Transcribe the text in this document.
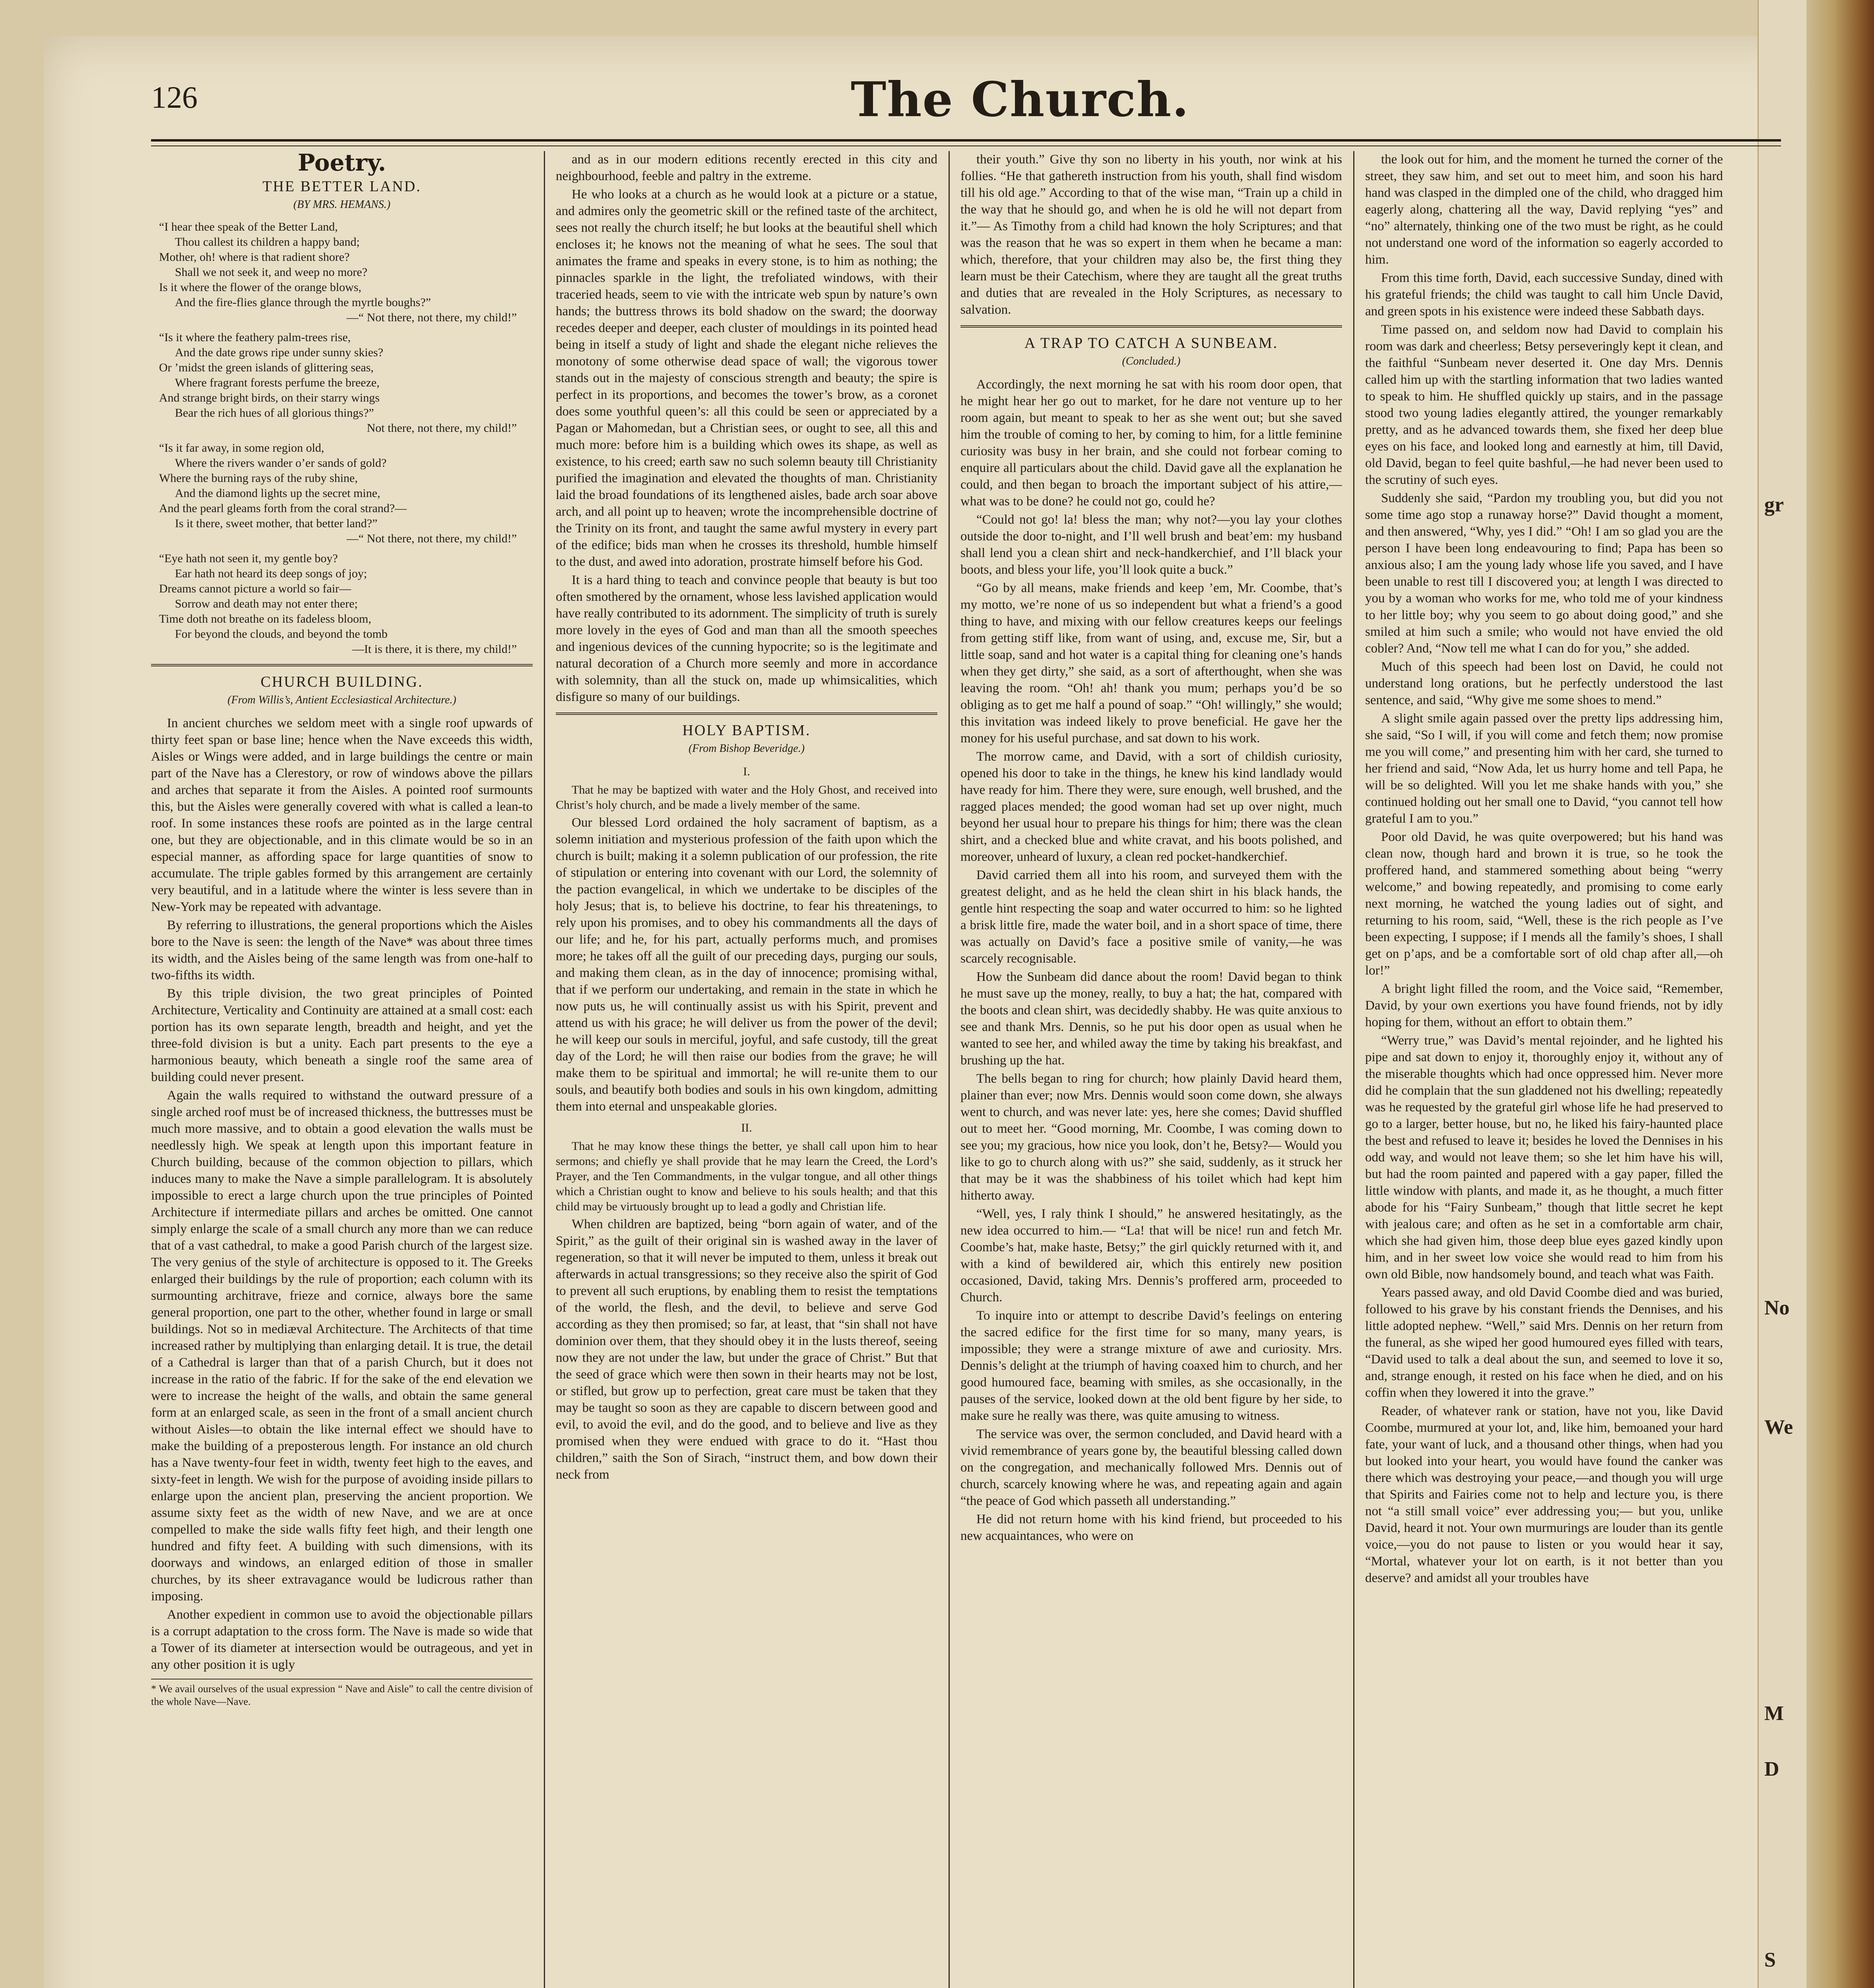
gr
No
We
M
D
S
126	The Church.
Poetry.
THE BETTER LAND.
(BY MRS. HEMANS.)
“I hear thee speak of the Better Land,
Thou callest its children a happy band;
Mother, oh! where is that radient shore?
Shall we not seek it, and weep no more?
Is it where the flower of the orange blows,
And the fire-flies glance through the myrtle boughs?”
—“ Not there, not there, my child!”
“Is it where the feathery palm-trees rise,
And the date grows ripe under sunny skies?
Or ’midst the green islands of glittering seas,
Where fragrant forests perfume the breeze,
And strange bright birds, on their starry wings
Bear the rich hues of all glorious things?”
Not there, not there, my child!”
“Is it far away, in some region old,
Where the rivers wander o’er sands of gold?
Where the burning rays of the ruby shine,
And the diamond lights up the secret mine,
And the pearl gleams forth from the coral strand?—
Is it there, sweet mother, that better land?”
—“ Not there, not there, my child!”
“Eye hath not seen it, my gentle boy?
Ear hath not heard its deep songs of joy;
Dreams cannot picture a world so fair—
Sorrow and death may not enter there;
Time doth not breathe on its fadeless bloom,
For beyond the clouds, and beyond the tomb
—It is there, it is there, my child!”
CHURCH BUILDING.
(From Willis’s, Antient Ecclesiastical Architecture.)

In ancient churches we seldom meet with a single roof upwards of thirty feet span or base line; hence when the Nave exceeds this width, Aisles or Wings were added, and in large buildings the centre or main part of the Nave has a Clerestory, or row of windows above the pillars and arches that separate it from the Aisles. A pointed roof surmounts this, but the Aisles were generally covered with what is called a lean-to roof. In some instances these roofs are pointed as in the large central one, but they are objectionable, and in this climate would be so in an especial manner, as affording space for large quantities of snow to accumulate. The triple gables formed by this arrangement are certainly very beautiful, and in a latitude where the winter is less severe than in New-York may be repeated with advantage.

By referring to illustrations, the general proportions which the Aisles bore to the Nave is seen: the length of the Nave* was about three times its width, and the Aisles being of the same length was from one-half to two-fifths its width.

By this triple division, the two great principles of Pointed Architecture, Verticality and Continuity are attained at a small cost: each portion has its own separate length, breadth and height, and yet the three-fold division is but a unity. Each part presents to the eye a harmonious beauty, which beneath a single roof the same area of building could never present.

Again the walls required to withstand the outward pressure of a single arched roof must be of increased thickness, the buttresses must be much more massive, and to obtain a good elevation the walls must be needlessly high. We speak at length upon this important feature in Church building, because of the common objection to pillars, which induces many to make the Nave a simple parallelogram. It is absolutely impossible to erect a large church upon the true principles of Pointed Architecture if intermediate pillars and arches be omitted. One cannot simply enlarge the scale of a small church any more than we can reduce that of a vast cathedral, to make a good Parish church of the largest size. The very genius of the style of architecture is opposed to it. The Greeks enlarged their buildings by the rule of proportion; each column with its surmounting architrave, frieze and cornice, always bore the same general proportion, one part to the other, whether found in large or small buildings. Not so in mediæval Architecture. The Architects of that time increased rather by multiplying than enlarging detail. It is true, the detail of a Cathedral is larger than that of a parish Church, but it does not increase in the ratio of the fabric. If for the sake of the end elevation we were to increase the height of the walls, and obtain the same general form at an enlarged scale, as seen in the front of a small ancient church without Aisles—to obtain the like internal effect we should have to make the building of a preposterous length. For instance an old church has a Nave twenty-four feet in width, twenty feet high to the eaves, and sixty-feet in length. We wish for the purpose of avoiding inside pillars to enlarge upon the ancient plan, preserving the ancient proportion. We assume sixty feet as the width of new Nave, and we are at once compelled to make the side walls fifty feet high, and their length one hundred and fifty feet. A building with such dimensions, with its doorways and windows, an enlarged edition of those in smaller churches, by its sheer extravagance would be ludicrous rather than imposing.

Another expedient in common use to avoid the objectionable pillars is a corrupt adaptation to the cross form. The Nave is made so wide that a Tower of its diameter at intersection would be outrageous, and yet in any other position it is ugly

* We avail ourselves of the usual expression “ Nave and Aisle” to call the centre division of the whole Nave—Nave.

and as in our modern editions recently erected in this city and neighbourhood, feeble and paltry in the extreme.

He who looks at a church as he would look at a picture or a statue, and admires only the geometric skill or the refined taste of the architect, sees not really the church itself; he but looks at the beautiful shell which encloses it; he knows not the meaning of what he sees. The soul that animates the frame and speaks in every stone, is to him as nothing; the pinnacles sparkle in the light, the trefoliated windows, with their traceried heads, seem to vie with the intricate web spun by nature’s own hands; the buttress throws its bold shadow on the sward; the doorway recedes deeper and deeper, each cluster of mouldings in its pointed head being in itself a study of light and shade the elegant niche relieves the monotony of some otherwise dead space of wall; the vigorous tower stands out in the majesty of conscious strength and beauty; the spire is perfect in its proportions, and becomes the tower’s brow, as a coronet does some youthful queen’s: all this could be seen or appreciated by a Pagan or Mahomedan, but a Christian sees, or ought to see, all this and much more: before him is a building which owes its shape, as well as existence, to his creed; earth saw no such solemn beauty till Christianity purified the imagination and elevated the thoughts of man. Christianity laid the broad foundations of its lengthened aisles, bade arch soar above arch, and all point up to heaven; wrote the incomprehensible doctrine of the Trinity on its front, and taught the same awful mystery in every part of the edifice; bids man when he crosses its threshold, humble himself to the dust, and awed into adoration, prostrate himself before his God.

It is a hard thing to teach and convince people that beauty is but too often smothered by the ornament, whose less lavished application would have really contributed to its adornment. The simplicity of truth is surely more lovely in the eyes of God and man than all the smooth speeches and ingenious devices of the cunning hypocrite; so is the legitimate and natural decoration of a Church more seemly and more in accordance with solemnity, than all the stuck on, made up whimsicalities, which disfigure so many of our buildings.

HOLY BAPTISM.
(From Bishop Beveridge.)
I.

That he may be baptized with water and the Holy Ghost, and received into Christ’s holy church, and be made a lively member of the same.

Our blessed Lord ordained the holy sacrament of baptism, as a solemn initiation and mysterious profession of the faith upon which the church is built; making it a solemn publication of our profession, the rite of stipulation or entering into covenant with our Lord, the solemnity of the paction evangelical, in which we undertake to be disciples of the holy Jesus; that is, to believe his doctrine, to fear his threatenings, to rely upon his promises, and to obey his commandments all the days of our life; and he, for his part, actually performs much, and promises more; he takes off all the guilt of our preceding days, purging our souls, and making them clean, as in the day of innocence; promising withal, that if we perform our undertaking, and remain in the state in which he now puts us, he will continually assist us with his Spirit, prevent and attend us with his grace; he will deliver us from the power of the devil; he will keep our souls in merciful, joyful, and safe custody, till the great day of the Lord; he will then raise our bodies from the grave; he will make them to be spiritual and immortal; he will re-unite them to our souls, and beautify both bodies and souls in his own kingdom, admitting them into eternal and unspeakable glories.

II.

That he may know these things the better, ye shall call upon him to hear sermons; and chiefly ye shall provide that he may learn the Creed, the Lord’s Prayer, and the Ten Commandments, in the vulgar tongue, and all other things which a Christian ought to know and believe to his souls health; and that this child may be virtuously brought up to lead a godly and Christian life.

When children are baptized, being “born again of water, and of the Spirit,” as the guilt of their original sin is washed away in the laver of regeneration, so that it will never be imputed to them, unless it break out afterwards in actual transgressions; so they receive also the spirit of God to prevent all such eruptions, by enabling them to resist the temptations of the world, the flesh, and the devil, to believe and serve God according as they then promised; so far, at least, that “sin shall not have dominion over them, that they should obey it in the lusts thereof, seeing now they are not under the law, but under the grace of Christ.” But that the seed of grace which were then sown in their hearts may not be lost, or stifled, but grow up to perfection, great care must be taken that they may be taught so soon as they are capable to discern between good and evil, to avoid the evil, and do the good, and to believe and live as they promised when they were endued with grace to do it. “Hast thou children,” saith the Son of Sirach, “instruct them, and bow down their neck from

their youth.” Give thy son no liberty in his youth, nor wink at his follies. “He that gathereth instruction from his youth, shall find wisdom till his old age.” According to that of the wise man, “Train up a child in the way that he should go, and when he is old he will not depart from it.”— As Timothy from a child had known the holy Scriptures; and that was the reason that he was so expert in them when he became a man: which, therefore, that your children may also be, the first thing they learn must be their Catechism, where they are taught all the great truths and duties that are revealed in the Holy Scriptures, as necessary to salvation.

A TRAP TO CATCH A SUNBEAM.
(Concluded.)

Accordingly, the next morning he sat with his room door open, that he might hear her go out to market, for he dare not venture up to her room again, but meant to speak to her as she went out; but she saved him the trouble of coming to her, by coming to him, for a little feminine curiosity was busy in her brain, and she could not forbear coming to enquire all particulars about the child. David gave all the explanation he could, and then began to broach the important subject of his attire,—what was to be done? he could not go, could he?

“Could not go! la! bless the man; why not?—you lay your clothes outside the door to-night, and I’ll well brush and beat’em: my husband shall lend you a clean shirt and neck-handkerchief, and I’ll black your boots, and bless your life, you’ll look quite a buck.”

“Go by all means, make friends and keep ’em, Mr. Coombe, that’s my motto, we’re none of us so independent but what a friend’s a good thing to have, and mixing with our fellow creatures keeps our feelings from getting stiff like, from want of using, and, excuse me, Sir, but a little soap, sand and hot water is a capital thing for cleaning one’s hands when they get dirty,” she said, as a sort of afterthought, when she was leaving the room. “Oh! ah! thank you mum; perhaps you’d be so obliging as to get me half a pound of soap.” “Oh! willingly,” she would; this invitation was indeed likely to prove beneficial. He gave her the money for his useful purchase, and sat down to his work.

The morrow came, and David, with a sort of childish curiosity, opened his door to take in the things, he knew his kind landlady would have ready for him. There they were, sure enough, well brushed, and the ragged places mended; the good woman had set up over night, much beyond her usual hour to prepare his things for him; there was the clean shirt, and a checked blue and white cravat, and his boots polished, and moreover, unheard of luxury, a clean red pocket-handkerchief.

David carried them all into his room, and surveyed them with the greatest delight, and as he held the clean shirt in his black hands, the gentle hint respecting the soap and water occurred to him: so he lighted a brisk little fire, made the water boil, and in a short space of time, there was actually on David’s face a positive smile of vanity,—he was scarcely recognisable.

How the Sunbeam did dance about the room! David began to think he must save up the money, really, to buy a hat; the hat, compared with the boots and clean shirt, was decidedly shabby. He was quite anxious to see and thank Mrs. Dennis, so he put his door open as usual when he wanted to see her, and whiled away the time by taking his breakfast, and brushing up the hat.

The bells began to ring for church; how plainly David heard them, plainer than ever; now Mrs. Dennis would soon come down, she always went to church, and was never late: yes, here she comes; David shuffled out to meet her. “Good morning, Mr. Coombe, I was coming down to see you; my gracious, how nice you look, don’t he, Betsy?— Would you like to go to church along with us?” she said, suddenly, as it struck her that may be it was the shabbiness of his toilet which had kept him hitherto away.

“Well, yes, I raly think I should,” he answered hesitatingly, as the new idea occurred to him.— “La! that will be nice! run and fetch Mr. Coombe’s hat, make haste, Betsy;” the girl quickly returned with it, and with a kind of bewildered air, which this entirely new position occasioned, David, taking Mrs. Dennis’s proffered arm, proceeded to Church.

To inquire into or attempt to describe David’s feelings on entering the sacred edifice for the first time for so many, many years, is impossible; they were a strange mixture of awe and curiosity. Mrs. Dennis’s delight at the triumph of having coaxed him to church, and her good humoured face, beaming with smiles, as she occasionally, in the pauses of the service, looked down at the old bent figure by her side, to make sure he really was there, was quite amusing to witness.

The service was over, the sermon concluded, and David heard with a vivid remembrance of years gone by, the beautiful blessing called down on the congregation, and mechanically followed Mrs. Dennis out of church, scarcely knowing where he was, and repeating again and again “the peace of God which passeth all understanding.”

He did not return home with his kind friend, but proceeded to his new acquaintances, who were on

the look out for him, and the moment he turned the corner of the street, they saw him, and set out to meet him, and soon his hard hand was clasped in the dimpled one of the child, who dragged him eagerly along, chattering all the way, David replying “yes” and “no” alternately, thinking one of the two must be right, as he could not understand one word of the information so eagerly accorded to him.

From this time forth, David, each successive Sunday, dined with his grateful friends; the child was taught to call him Uncle David, and green spots in his existence were indeed these Sabbath days.

Time passed on, and seldom now had David to complain his room was dark and cheerless; Betsy perseveringly kept it clean, and the faithful “Sunbeam never deserted it. One day Mrs. Dennis called him up with the startling information that two ladies wanted to speak to him. He shuffled quickly up stairs, and in the passage stood two young ladies elegantly attired, the younger remarkably pretty, and as he advanced towards them, she fixed her deep blue eyes on his face, and looked long and earnestly at him, till David, old David, began to feel quite bashful,—he had never been used to the scrutiny of such eyes.

Suddenly she said, “Pardon my troubling you, but did you not some time ago stop a runaway horse?” David thought a moment, and then answered, “Why, yes I did.” “Oh! I am so glad you are the person I have been long endeavouring to find; Papa has been so anxious also; I am the young lady whose life you saved, and I have been unable to rest till I discovered you; at length I was directed to you by a woman who works for me, who told me of your kindness to her little boy; why you seem to go about doing good,” and she smiled at him such a smile; who would not have envied the old cobler? And, “Now tell me what I can do for you,” she added.

Much of this speech had been lost on David, he could not understand long orations, but he perfectly understood the last sentence, and said, “Why give me some shoes to mend.”

A slight smile again passed over the pretty lips addressing him, she said, “So I will, if you will come and fetch them; now promise me you will come,” and presenting him with her card, she turned to her friend and said, “Now Ada, let us hurry home and tell Papa, he will be so delighted. Will you let me shake hands with you,” she continued holding out her small one to David, “you cannot tell how grateful I am to you.”

Poor old David, he was quite overpowered; but his hand was clean now, though hard and brown it is true, so he took the proffered hand, and stammered something about being “werry welcome,” and bowing repeatedly, and promising to come early next morning, he watched the young ladies out of sight, and returning to his room, said, “Well, these is the rich people as I’ve been expecting, I suppose; if I mends all the family’s shoes, I shall get on p’aps, and be a comfortable sort of old chap after all,—oh lor!”

A bright light filled the room, and the Voice said, “Remember, David, by your own exertions you have found friends, not by idly hoping for them, without an effort to obtain them.”

“Werry true,” was David’s mental rejoinder, and he lighted his pipe and sat down to enjoy it, thoroughly enjoy it, without any of the miserable thoughts which had once oppressed him. Never more did he complain that the sun gladdened not his dwelling; repeatedly was he requested by the grateful girl whose life he had preserved to go to a larger, better house, but no, he liked his fairy-haunted place the best and refused to leave it; besides he loved the Dennises in his odd way, and would not leave them; so she let him have his will, but had the room painted and papered with a gay paper, filled the little window with plants, and made it, as he thought, a much fitter abode for his “Fairy Sunbeam,” though that little secret he kept with jealous care; and often as he set in a comfortable arm chair, which she had given him, those deep blue eyes gazed kindly upon him, and in her sweet low voice she would read to him from his own old Bible, now handsomely bound, and teach what was Faith.

Years passed away, and old David Coombe died and was buried, followed to his grave by his constant friends the Dennises, and his little adopted nephew. “Well,” said Mrs. Dennis on her return from the funeral, as she wiped her good humoured eyes filled with tears, “David used to talk a deal about the sun, and seemed to love it so, and, strange enough, it rested on his face when he died, and on his coffin when they lowered it into the grave.”

Reader, of whatever rank or station, have not you, like David Coombe, murmured at your lot, and, like him, bemoaned your hard fate, your want of luck, and a thousand other things, when had you but looked into your heart, you would have found the canker was there which was destroying your peace,—and though you will urge that Spirits and Fairies come not to help and lecture you, is there not “a still small voice” ever addressing you;— but you, unlike David, heard it not. Your own murmurings are louder than its gentle voice,—you do not pause to listen or you would hear it say, “Mortal, whatever your lot on earth, is it not better than you deserve? and amidst all your troubles have
